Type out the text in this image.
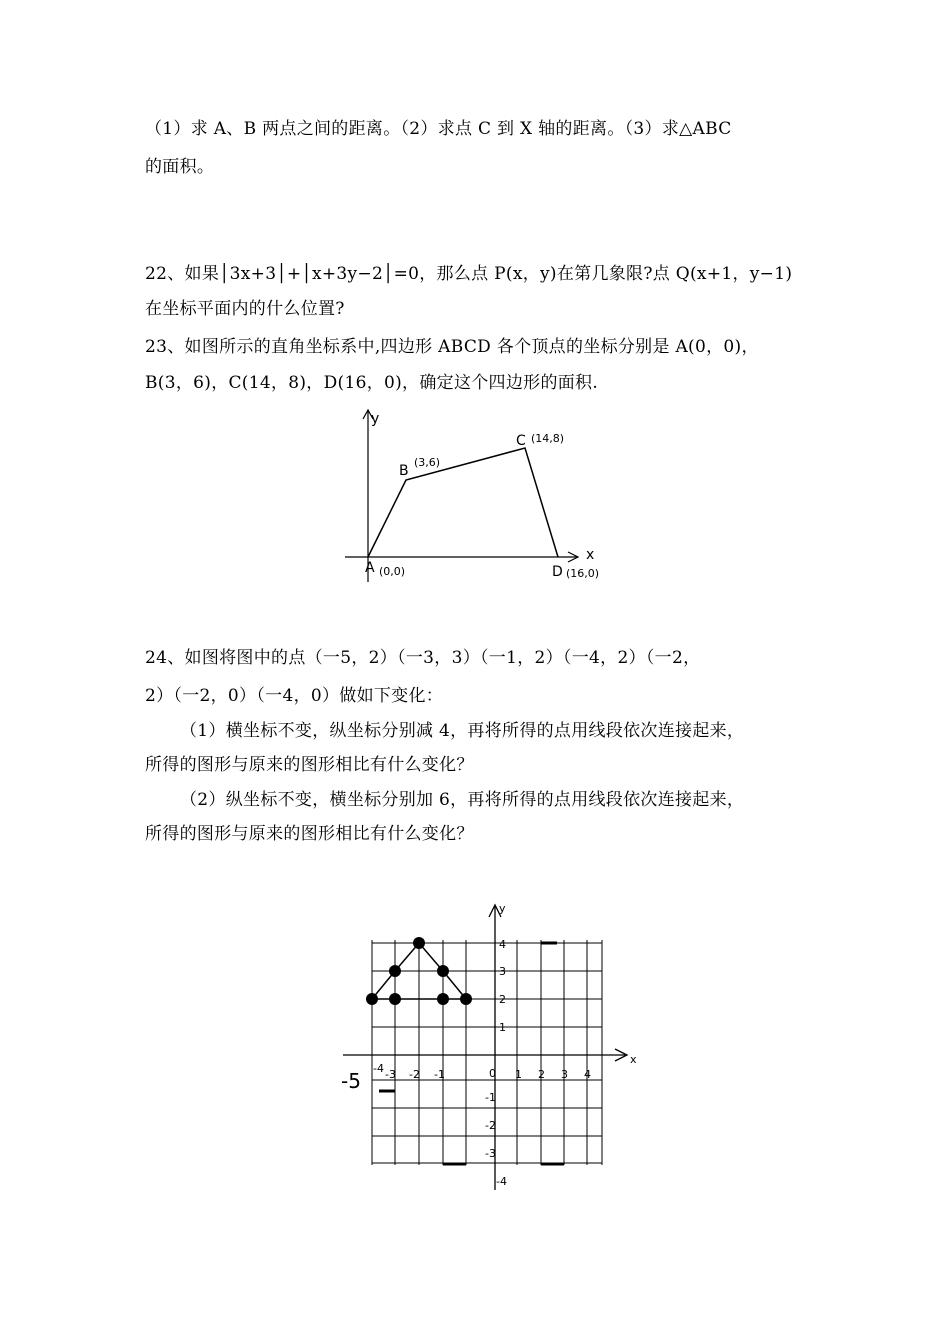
（1）求 A、B 两点之间的距离。（2）求点 C 到 X 轴的距离。（3）求△ABC
的面积。
22、如果│3x+3│+│x+3y−2│=0，那么点 P(x，y)在第几象限?点 Q(x+1，y−1)
在坐标平面内的什么位置?
23、如图所示的直角坐标系中,四边形 ABCD 各个顶点的坐标分别是 A(0，0)，
B(3，6)，C(14，8)，D(16，0)，确定这个四边形的面积.
y
x
A (0,0)
B
(3,6)
C (14,8)
D (16,0)
24、如图将图中的点（一5，2）（一3，3）（一1，2）（一4，2）（一2，
2）（一2，0）（一4，0）做如下变化：
（1）横坐标不变，纵坐标分别减 4，再将所得的点用线段依次连接起来，
所得的图形与原来的图形相比有什么变化？
（2）纵坐标不变，横坐标分别加 6，再将所得的点用线段依次连接起来，
所得的图形与原来的图形相比有什么变化？
y
x
4
3
2
1
0
-3 -2 -1	1 2 3 4
-1
-2
-3
-4
-4
-5
